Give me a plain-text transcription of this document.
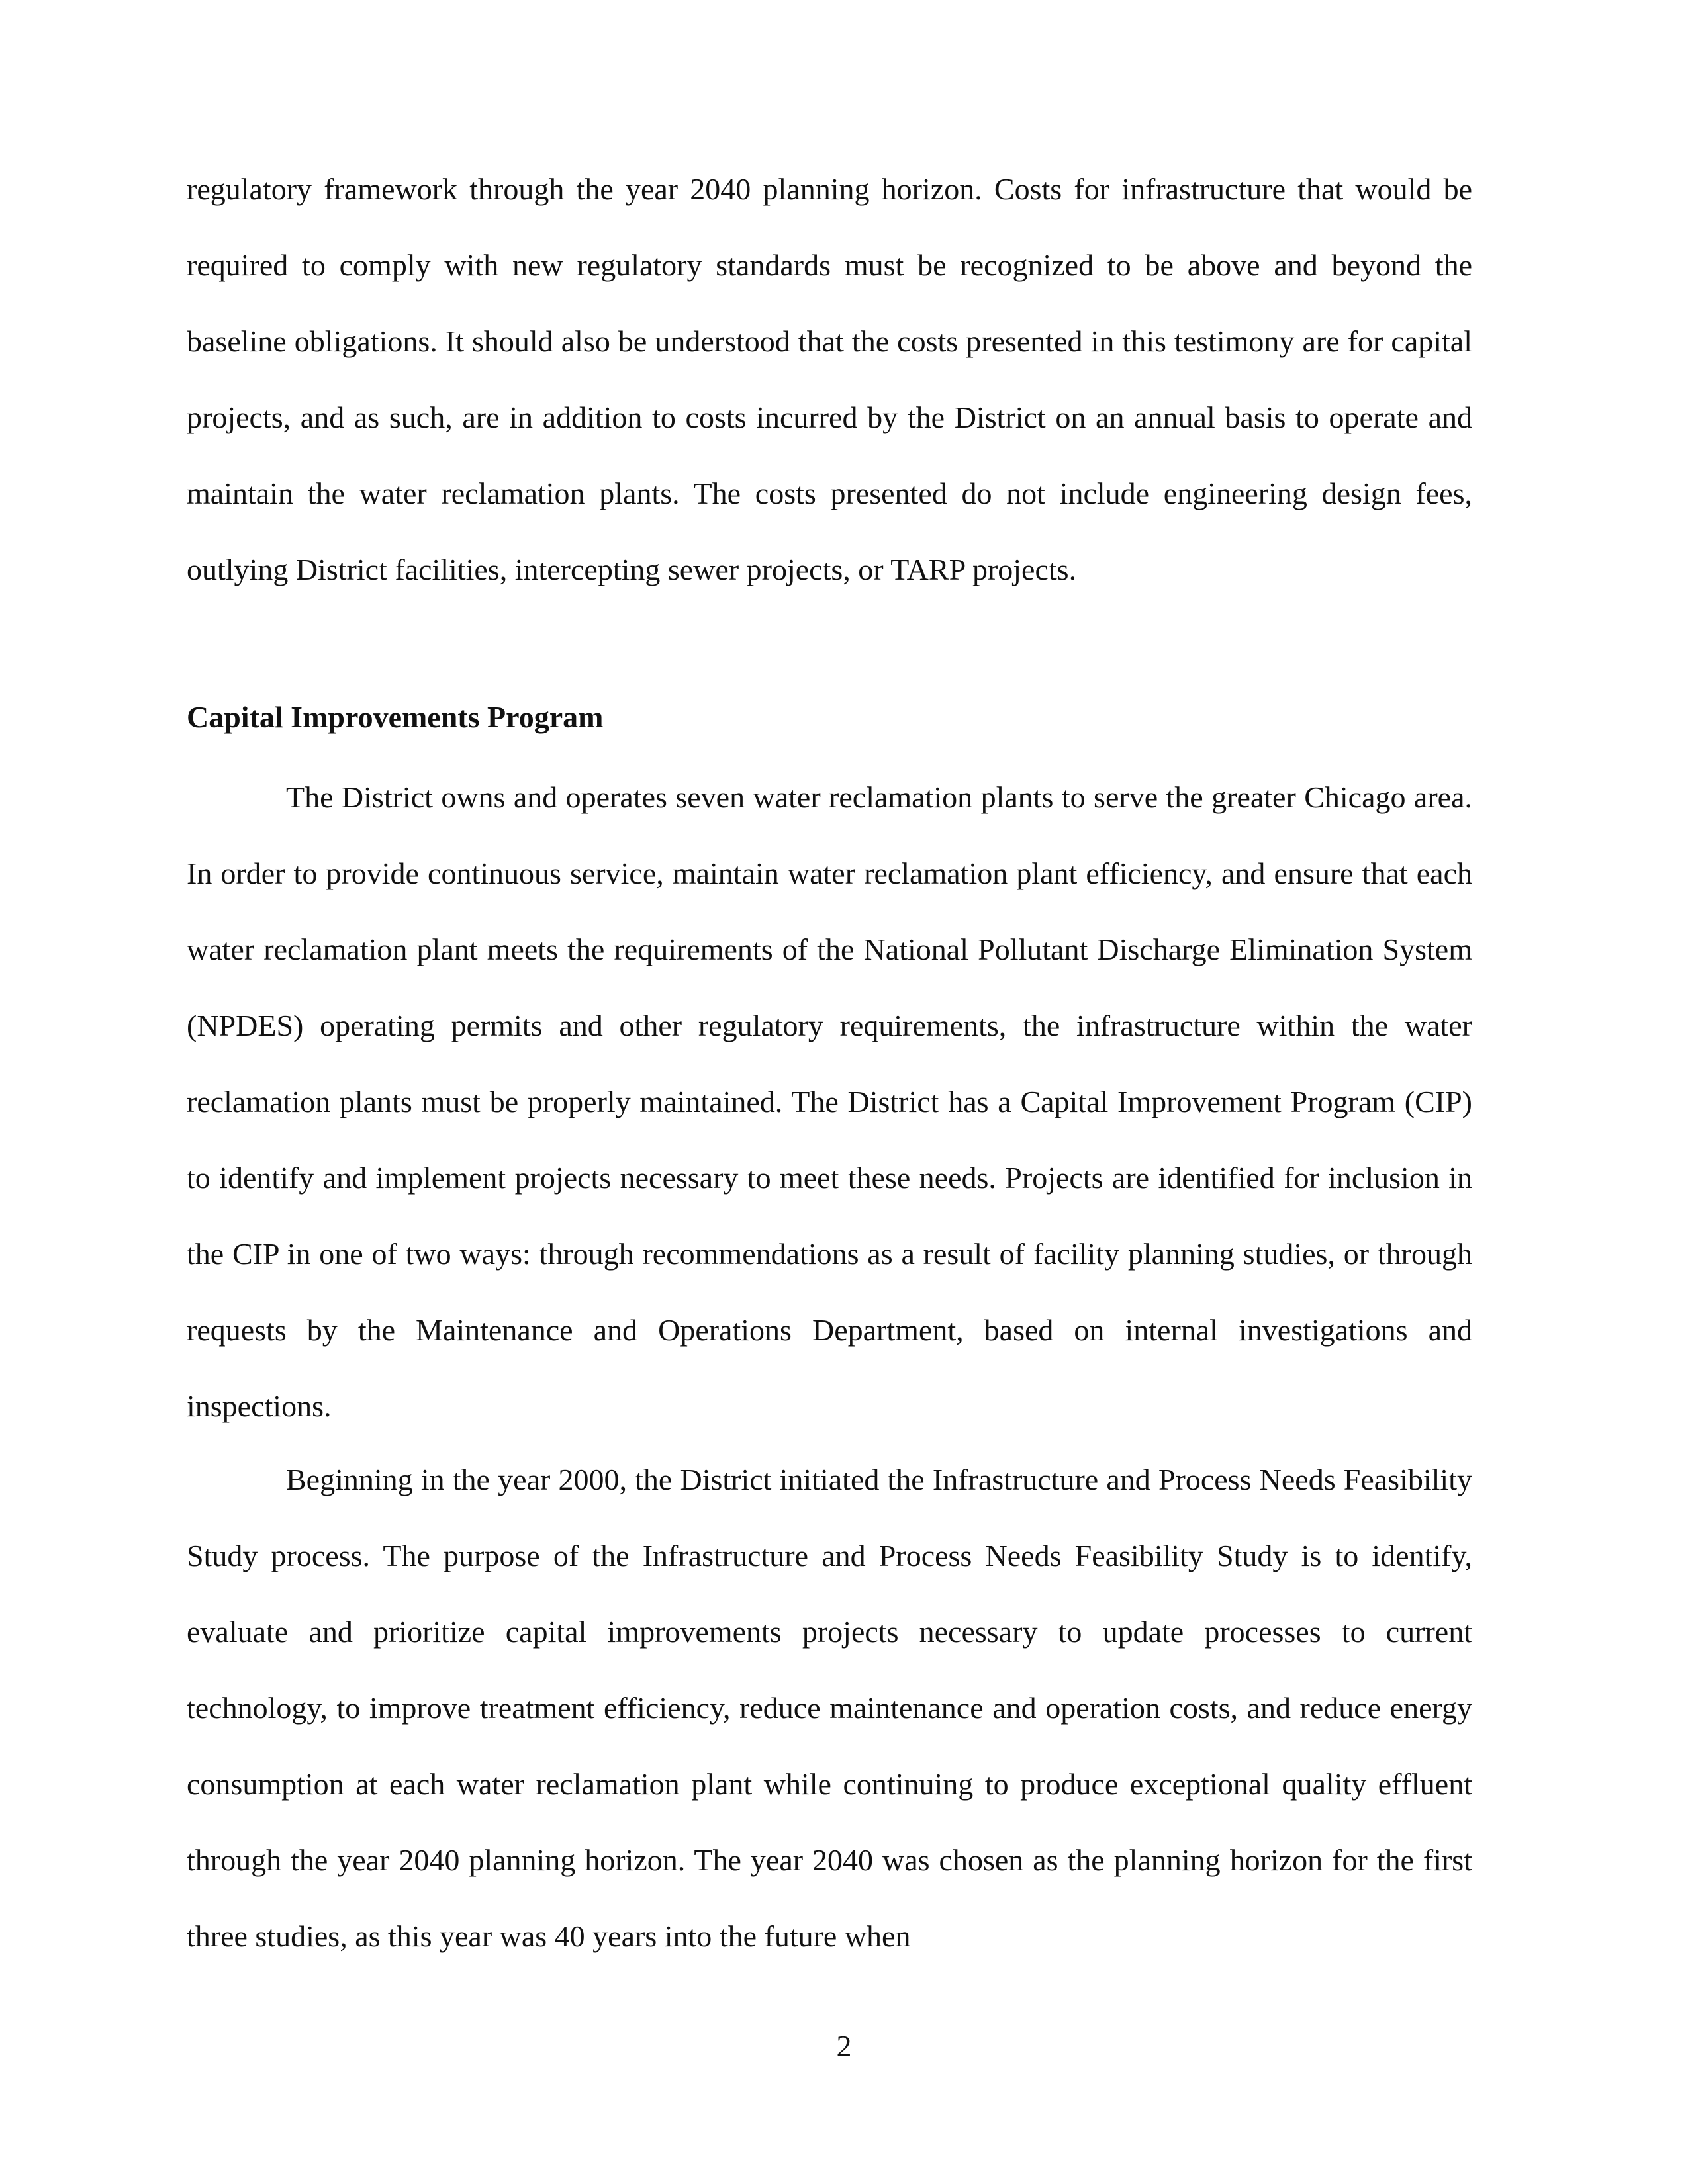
regulatory framework through the year 2040 planning horizon. Costs for infrastructure that would be required to comply with new regulatory standards must be recognized to be above and beyond the baseline obligations. It should also be understood that the costs presented in this testimony are for capital projects, and as such, are in addition to costs incurred by the District on an annual basis to operate and maintain the water reclamation plants. The costs presented do not include engineering design fees, outlying District facilities, intercepting sewer projects, or TARP projects.

Capital Improvements Program

The District owns and operates seven water reclamation plants to serve the greater Chicago area. In order to provide continuous service, maintain water reclamation plant efficiency, and ensure that each water reclamation plant meets the requirements of the National Pollutant Discharge Elimination System (NPDES) operating permits and other regulatory requirements, the infrastructure within the water reclamation plants must be properly maintained. The District has a Capital Improvement Program (CIP) to identify and implement projects necessary to meet these needs. Projects are identified for inclusion in the CIP in one of two ways: through recommendations as a result of facility planning studies, or through requests by the Maintenance and Operations Department, based on internal investigations and inspections.

Beginning in the year 2000, the District initiated the Infrastructure and Process Needs Feasibility Study process. The purpose of the Infrastructure and Process Needs Feasibility Study is to identify, evaluate and prioritize capital improvements projects necessary to update processes to current technology, to improve treatment efficiency, reduce maintenance and operation costs, and reduce energy consumption at each water reclamation plant while continuing to produce exceptional quality effluent through the year 2040 planning horizon. The year 2040 was chosen as the planning horizon for the first three studies, as this year was 40 years into the future when

2
